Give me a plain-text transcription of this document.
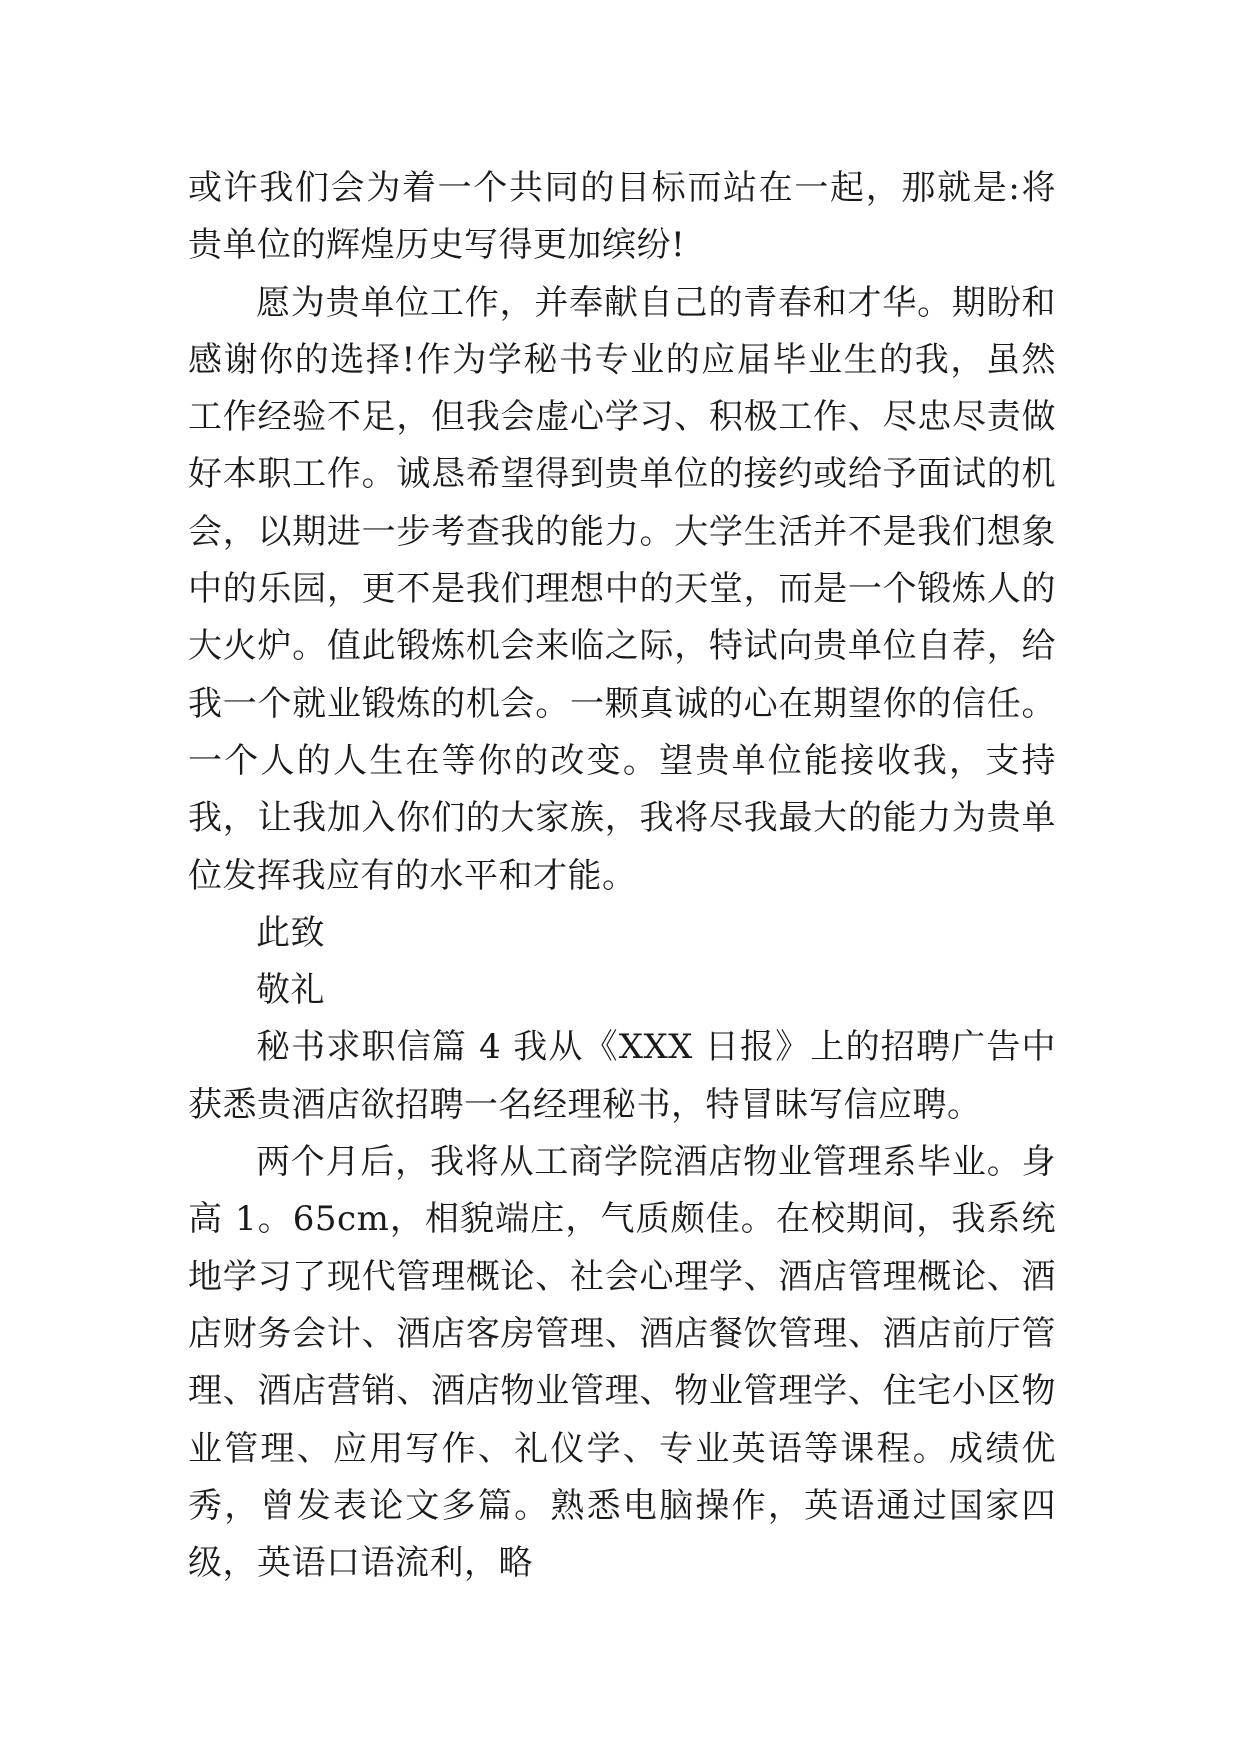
或许我们会为着一个共同的目标而站在一起，那就是:将贵单位的辉煌历史写得更加缤纷!

愿为贵单位工作，并奉献自己的青春和才华。期盼和感谢你的选择!作为学秘书专业的应届毕业生的我，虽然工作经验不足，但我会虚心学习、积极工作、尽忠尽责做好本职工作。诚恳希望得到贵单位的接约或给予面试的机会，以期进一步考查我的能力。大学生活并不是我们想象中的乐园，更不是我们理想中的天堂，而是一个锻炼人的大火炉。值此锻炼机会来临之际，特试向贵单位自荐，给我一个就业锻炼的机会。一颗真诚的心在期望你的信任。一个人的人生在等你的改变。望贵单位能接收我，支持我，让我加入你们的大家族，我将尽我最大的能力为贵单位发挥我应有的水平和才能。

此致

敬礼

秘书求职信篇 4 我从《XXX 日报》上的招聘广告中获悉贵酒店欲招聘一名经理秘书，特冒昧写信应聘。

两个月后，我将从工商学院酒店物业管理系毕业。身高 1。65cm，相貌端庄，气质颇佳。在校期间，我系统地学习了现代管理概论、社会心理学、酒店管理概论、酒店财务会计、酒店客房管理、酒店餐饮管理、酒店前厅管理、酒店营销、酒店物业管理、物业管理学、住宅小区物业管理、应用写作、礼仪学、专业英语等课程。成绩优秀，曾发表论文多篇。熟悉电脑操作，英语通过国家四级，英语口语流利，略
